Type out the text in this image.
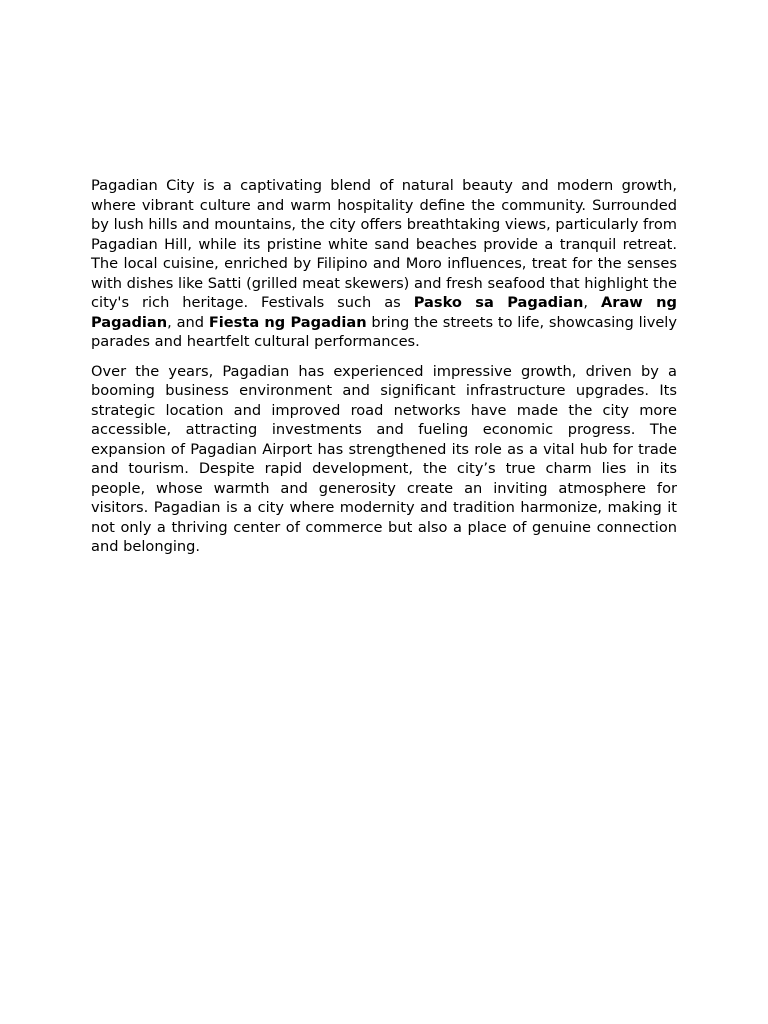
Pagadian City is a captivating blend of natural beauty and modern growth, where vibrant culture and warm hospitality define the community. Surrounded by lush hills and mountains, the city offers breathtaking views, particularly from Pagadian Hill, while its pristine white sand beaches provide a tranquil retreat. The local cuisine, enriched by Filipino and Moro influences, treat for the senses with dishes like Satti (grilled meat skewers) and fresh seafood that highlight the city's rich heritage. Festivals such as Pasko sa Pagadian, Araw ng Pagadian, and Fiesta ng Pagadian bring the streets to life, showcasing lively parades and heartfelt cultural performances.

Over the years, Pagadian has experienced impressive growth, driven by a booming business environment and significant infrastructure upgrades. Its strategic location and improved road networks have made the city more accessible, attracting investments and fueling economic progress. The expansion of Pagadian Airport has strengthened its role as a vital hub for trade and tourism. Despite rapid development, the city’s true charm lies in its people, whose warmth and generosity create an inviting atmosphere for visitors. Pagadian is a city where modernity and tradition harmonize, making it not only a thriving center of commerce but also a place of genuine connection and belonging.
